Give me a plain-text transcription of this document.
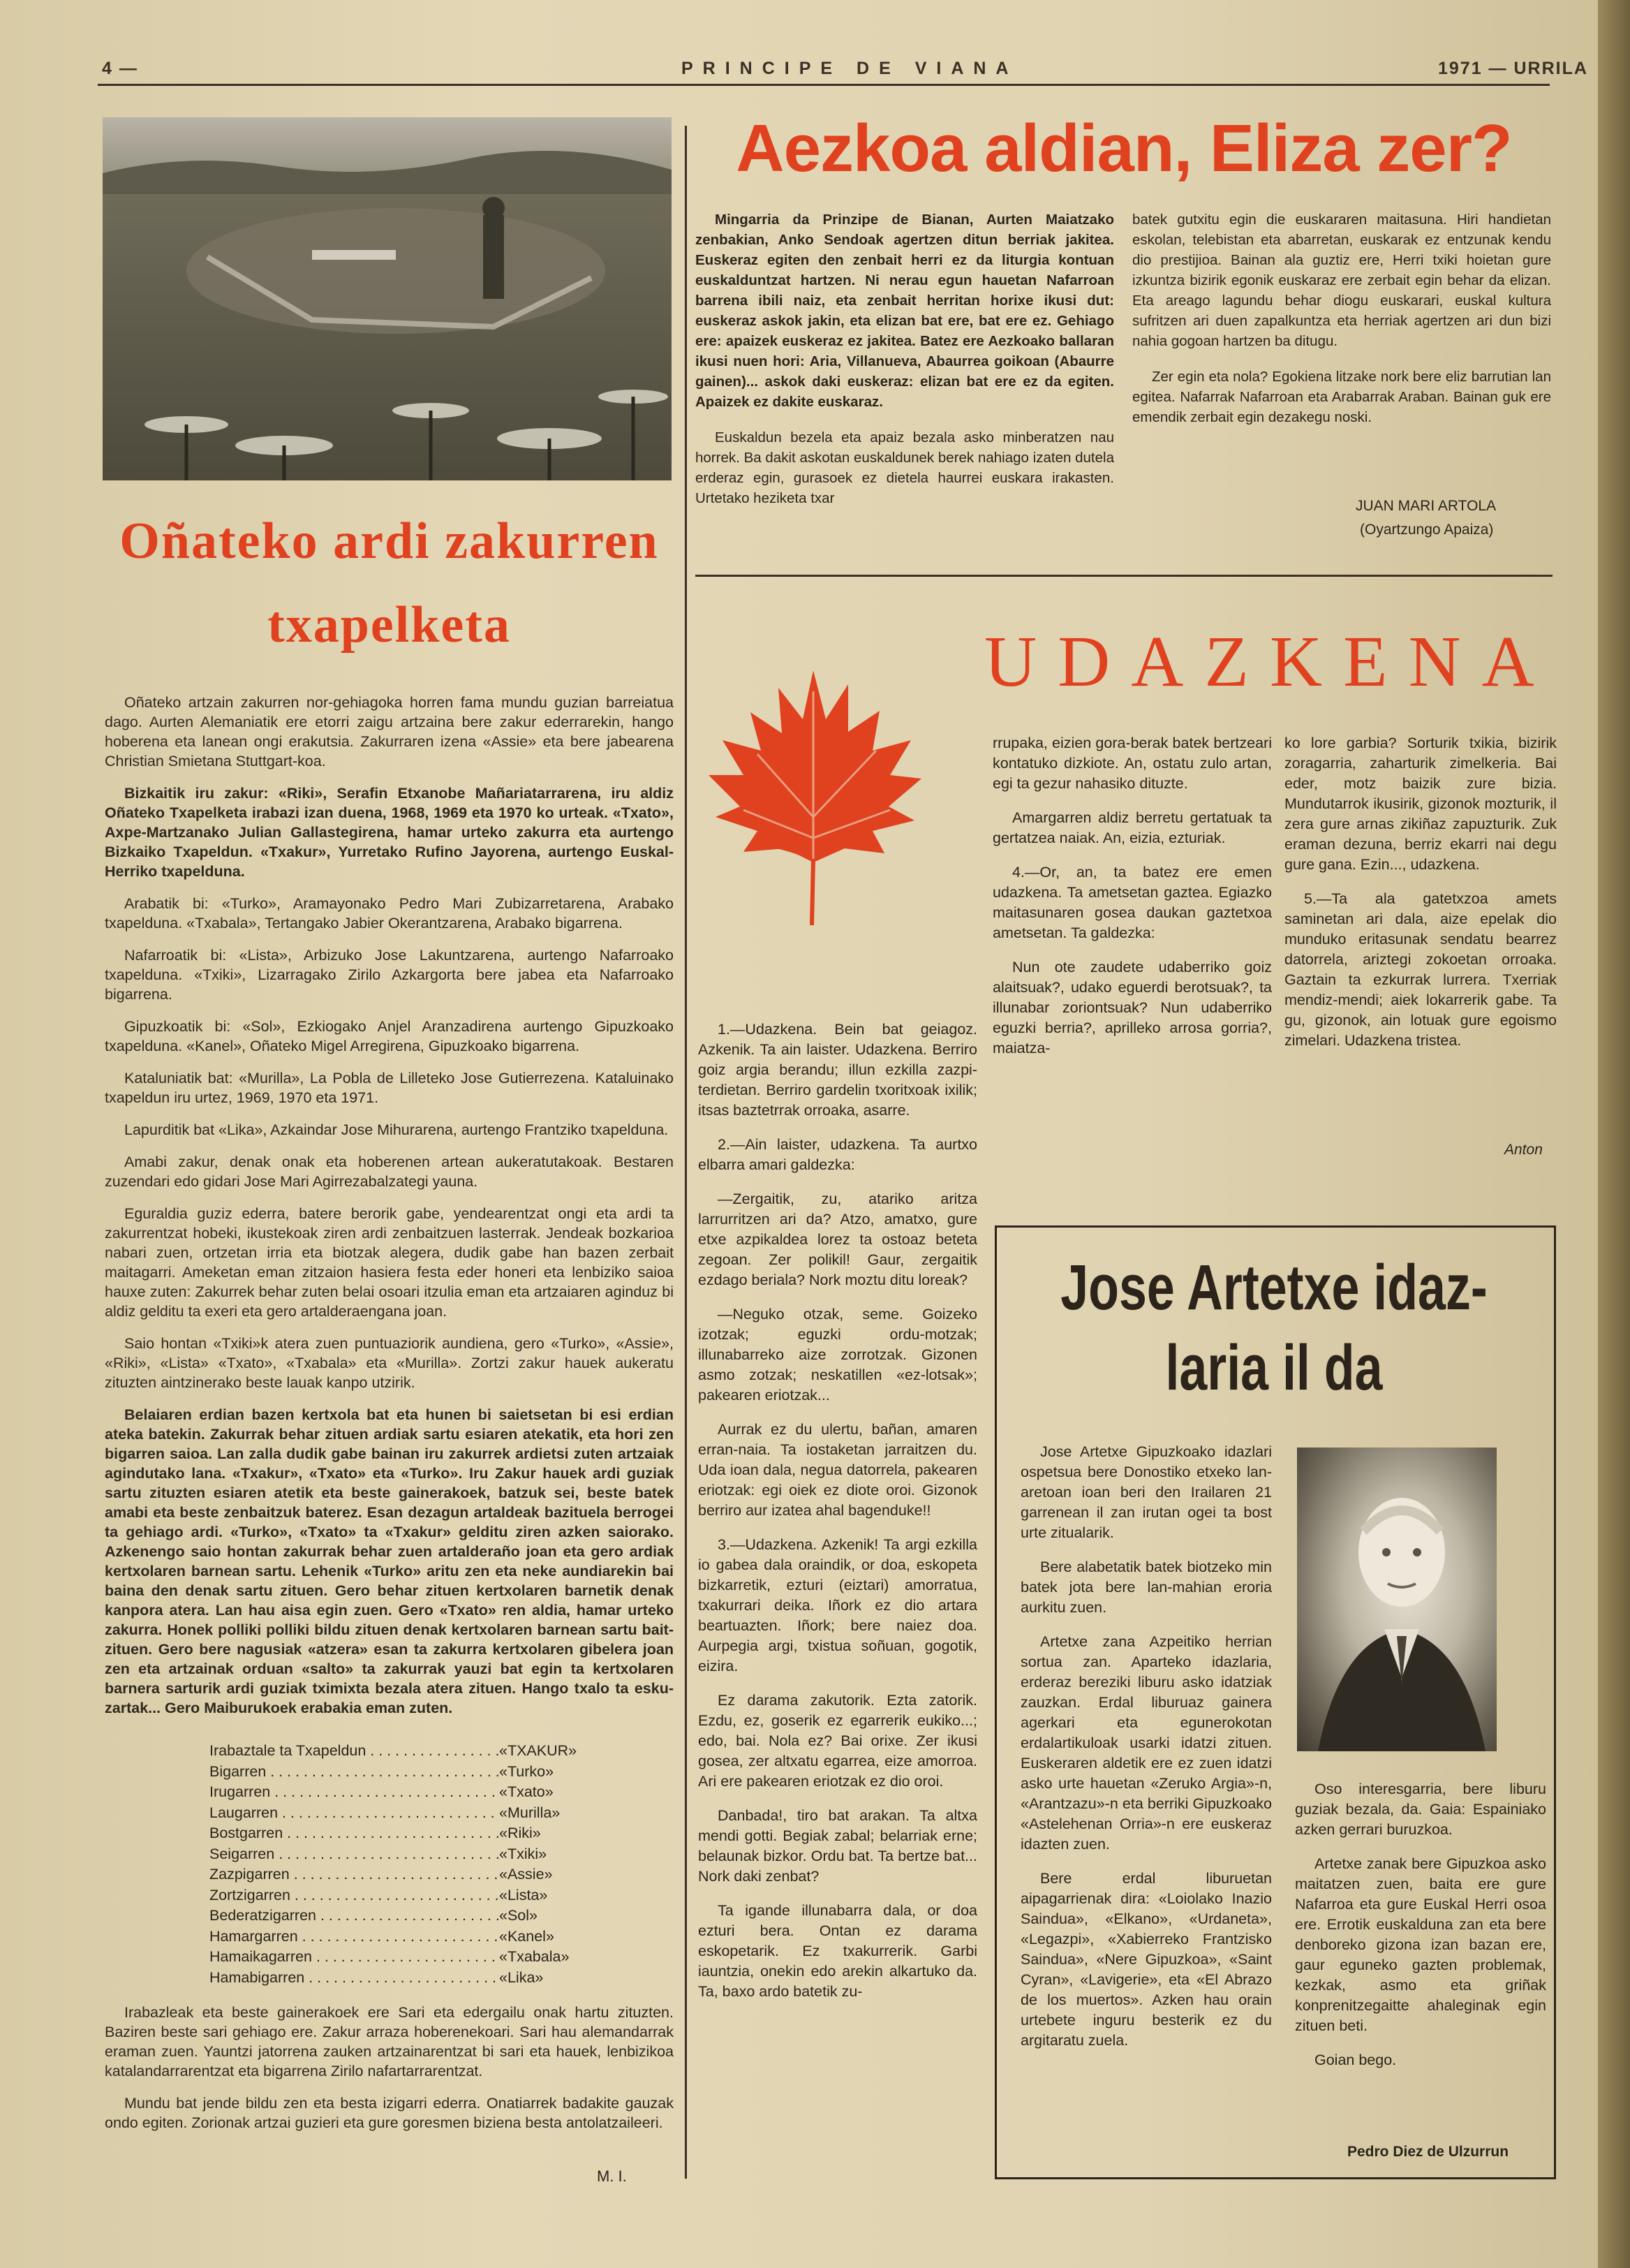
4 —	PRINCIPE DE VIANA	1971 — URRILA
Oñateko ardi zakurren
txapelketa

Oñateko artzain zakurren nor-gehiagoka horren fama mundu guzian barreiatua dago. Aurten Alemaniatik ere etorri zaigu artzaina bere zakur ederrarekin, hango hoberena eta lanean ongi erakutsia. Zakurraren izena «Assie» eta bere jabearena Christian Smietana Stuttgart-koa.

Bizkaitik iru zakur: «Riki», Serafin Etxanobe Mañariatarrarena, iru aldiz Oñateko Txapelketa irabazi izan duena, 1968, 1969 eta 1970 ko urteak. «Txato», Axpe-Martzanako Julian Gallastegirena, hamar urteko zakurra eta aurtengo Bizkaiko Txapeldun. «Txakur», Yurretako Rufino Jayorena, aurtengo Euskal-Herriko txapelduna.

Arabatik bi: «Turko», Aramayonako Pedro Mari Zubizarretarena, Arabako txapelduna. «Txabala», Tertangako Jabier Okerantzarena, Arabako bigarrena.

Nafarroatik bi: «Lista», Arbizuko Jose Lakuntzarena, aurtengo Nafarroako txapelduna. «Txiki», Lizarragako Zirilo Azkargorta bere jabea eta Nafarroako bigarrena.

Gipuzkoatik bi: «Sol», Ezkiogako Anjel Aranzadirena aurtengo Gipuzkoako txapelduna. «Kanel», Oñateko Migel Arregirena, Gipuzkoako bigarrena.

Kataluniatik bat: «Murilla», La Pobla de Lilleteko Jose Gutierrezena. Kataluinako txapeldun iru urtez, 1969, 1970 eta 1971.

Lapurditik bat «Lika», Azkaindar Jose Mihurarena, aurtengo Frantziko txapelduna.

Amabi zakur, denak onak eta hoberenen artean aukeratutakoak. Bestaren zuzendari edo gidari Jose Mari Agirrezabalzategi yauna.

Eguraldia guziz ederra, batere berorik gabe, yendearentzat ongi eta ardi ta zakurrentzat hobeki, ikustekoak ziren ardi zenbaitzuen lasterrak. Jendeak bozkarioa nabari zuen, ortzetan irria eta biotzak alegera, dudik gabe han bazen zerbait maitagarri. Ameketan eman zitzaion hasiera festa eder honeri eta lenbiziko saioa hauxe zuten: Zakurrek behar zuten belai osoari itzulia eman eta artzaiaren aginduz bi aldiz gelditu ta exeri eta gero artalderaengana joan.

Saio hontan «Txiki»k atera zuen puntuaziorik aundiena, gero «Turko», «Assie», «Riki», «Lista» «Txato», «Txabala» eta «Murilla». Zortzi zakur hauek aukeratu zituzten aintzinerako beste lauak kanpo utzirik.

Belaiaren erdian bazen kertxola bat eta hunen bi saietsetan bi esi erdian ateka batekin. Zakurrak behar zituen ardiak sartu esiaren atekatik, eta hori zen bigarren saioa. Lan zalla dudik gabe bainan iru zakurrek ardietsi zuten artzaiak agindutako lana. «Txakur», «Txato» eta «Turko». Iru Zakur hauek ardi guziak sartu zituzten esiaren atetik eta beste gainerakoek, batzuk sei, beste batek amabi eta beste zenbaitzuk baterez. Esan dezagun artaldeak bazituela berrogei ta gehiago ardi. «Turko», «Txato» ta «Txakur» gelditu ziren azken saiorako. Azkenengo saio hontan zakurrak behar zuen artalderaño joan eta gero ardiak kertxolaren barnean sartu. Lehenik «Turko» aritu zen eta neke aundiarekin bai baina den denak sartu zituen. Gero behar zituen kertxolaren barnetik denak kanpora atera. Lan hau aisa egin zuen. Gero «Txato» ren aldia, hamar urteko zakurra. Honek polliki polliki bildu zituen denak kertxolaren barnean sartu bait-zituen. Gero bere nagusiak «atzera» esan ta zakurra kertxolaren gibelera joan zen eta artzainak orduan «salto» ta zakurrak yauzi bat egin ta kertxolaren barnera sarturik ardi guziak tximixta bezala atera zituen. Hango txalo ta esku-zartak... Gero Maiburukoek erabakia eman zuten.

Irabaztale ta Txapeldun . . .	«TXAKUR»
Bigarren . . .	«Turko»
Irugarren . . .	«Txato»
Laugarren . . .	«Murilla»
Bostgarren . . .	«Riki»
Seigarren . . .	«Txiki»
Zazpigarren . . .	«Assie»
Zortzigarren . . .	«Lista»
Bederatzigarren . . .	«Sol»
Hamargarren . . .	«Kanel»
Hamaikagarren . . .	«Txabala»
Hamabigarren . . .	«Lika»

Irabazleak eta beste gainerakoek ere Sari eta edergailu onak hartu zituzten. Baziren beste sari gehiago ere. Zakur arraza hoberenekoari. Sari hau alemandarrak eraman zuen. Yauntzi jatorrena zauken artzainarentzat bi sari eta hauek, lenbizikoa katalandarrarentzat eta bigarrena Zirilo nafartarrarentzat.

Mundu bat jende bildu zen eta besta izigarri ederra. Onatiarrek badakite gauzak ondo egiten. Zorionak artzai guzieri eta gure goresmen biziena besta antolatzaileeri.

M. I.
Aezkoa aldian, Eliza zer?

Mingarria da Prinzipe de Bianan, Aurten Maiatzako zenbakian, Anko Sendoak agertzen ditun berriak jakitea. Euskeraz egiten den zenbait herri ez da liturgia kontuan euskalduntzat hartzen. Ni nerau egun hauetan Nafarroan barrena ibili naiz, eta zenbait herritan horixe ikusi dut: euskeraz askok jakin, eta elizan bat ere, bat ere ez. Gehiago ere: apaizek euskeraz ez jakitea. Batez ere Aezkoako ballaran ikusi nuen hori: Aria, Villanueva, Abaurrea goikoan (Abaurre gainen)... askok daki euskeraz: elizan bat ere ez da egiten. Apaizek ez dakite euskaraz.

Euskaldun bezela eta apaiz bezala asko minberatzen nau horrek. Ba dakit askotan euskaldunek berek nahiago izaten dutela erderaz egin, gurasoek ez dietela haurrei euskara irakasten. Urtetako heziketa txar

batek gutxitu egin die euskararen maitasuna. Hiri handietan eskolan, telebistan eta abarretan, euskarak ez entzunak kendu dio prestijioa. Bainan ala guztiz ere, Herri txiki hoietan gure izkuntza bizirik egonik euskaraz ere zerbait egin behar da elizan. Eta areago lagundu behar diogu euskarari, euskal kultura sufritzen ari duen zapalkuntza eta herriak agertzen ari dun bizi nahia gogoan hartzen ba ditugu.

Zer egin eta nola? Egokiena litzake nork bere eliz barrutian lan egitea. Nafarrak Nafarroan eta Arabarrak Araban. Bainan guk ere emendik zerbait egin dezakegu noski.

JUAN MARI ARTOLA
(Oyartzungo Apaiza)
UDAZKENA

1.—Udazkena. Bein bat geiagoz. Azkenik. Ta ain laister. Udazkena. Berriro goiz argia berandu; illun ezkilla zazpi-terdietan. Berriro gardelin txoritxoak ixilik; itsas baztetrrak orroaka, asarre.

2.—Ain laister, udazkena. Ta aurtxo elbarra amari galdezka:

—Zergaitik, zu, atariko aritza larrurritzen ari da? Atzo, amatxo, gure etxe azpikaldea lorez ta ostoaz beteta zegoan. Zer polikil! Gaur, zergaitik ezdago beriala? Nork moztu ditu loreak?

—Neguko otzak, seme. Goizeko izotzak; eguzki ordu-motzak; illunabarreko aize zorrotzak. Gizonen asmo zotzak; neskatillen «ez-lotsak»; pakearen eriotzak...

Aurrak ez du ulertu, bañan, amaren erran-naia. Ta iostaketan jarraitzen du. Uda ioan dala, negua datorrela, pakearen eriotzak: egi oiek ez diote oroi. Gizonok berriro aur izatea ahal bagenduke!!

3.—Udazkena. Azkenik! Ta argi ezkilla io gabea dala oraindik, or doa, eskopeta bizkarretik, ezturi (eiztari) amorratua, txakurrari deika. Iñork ez dio artara beartuazten. Iñork; bere naiez doa. Aurpegia argi, txistua soñuan, gogotik, eizira.

Ez darama zakutorik. Ezta zatorik. Ezdu, ez, goserik ez egarrerik eukiko...; edo, bai. Nola ez? Bai orixe. Zer ikusi gosea, zer altxatu egarrea, eize amorroa. Ari ere pakearen eriotzak ez dio oroi.

Danbada!, tiro bat arakan. Ta altxa mendi gotti. Begiak zabal; belarriak erne; belaunak bizkor. Ordu bat. Ta bertze bat... Nork daki zenbat?

Ta igande illunabarra dala, or doa ezturi bera. Ontan ez darama eskopetarik. Ez txakurrerik. Garbi iauntzia, onekin edo arekin alkartuko da. Ta, baxo ardo batetik zu-

rrupaka, eizien gora-berak batek bertzeari kontatuko dizkiote. An, ostatu zulo artan, egi ta gezur nahasiko dituzte.

Amargarren aldiz berretu gertatuak ta gertatzea naiak. An, eizia, ezturiak.

4.—Or, an, ta batez ere emen udazkena. Ta ametsetan gaztea. Egiazko maitasunaren gosea daukan gaztetxoa ametsetan. Ta galdezka:

Nun ote zaudete udaberriko goiz alaitsuak?, udako eguerdi berotsuak?, ta illunabar zoriontsuak? Nun udaberriko eguzki berria?, aprilleko arrosa gorria?, maiatza-

ko lore garbia? Sorturik txikia, bizirik zoragarria, zaharturik zimelkeria. Bai eder, motz baizik zure bizia. Mundutarrok ikusirik, gizonok mozturik, il zera gure arnas zikiñaz zapuzturik. Zuk eraman dezuna, berriz ekarri nai degu gure gana. Ezin..., udazkena.

5.—Ta ala gatetxzoa amets saminetan ari dala, aize epelak dio munduko eritasunak sendatu bearrez datorrela, ariztegi zokoetan orroaka. Gaztain ta ezkurrak lurrera. Txerriak mendiz-mendi; aiek lokarrerik gabe. Ta gu, gizonok, ain lotuak gure egoismo zimelari. Udazkena tristea.

Anton
Jose Artetxe idaz-
laria il da

Jose Artetxe Gipuzkoako idazlari ospetsua bere Donostiko etxeko lan-aretoan ioan beri den Irailaren 21 garrenean il zan irutan ogei ta bost urte zitualarik.

Bere alabetatik batek biotzeko min batek jota bere lan-mahian eroria aurkitu zuen.

Artetxe zana Azpeitiko herrian sortua zan. Aparteko idazlaria, erderaz bereziki liburu asko idatziak zauzkan. Erdal liburuaz gainera agerkari eta egunerokotan erdalartikuloak usarki idatzi zituen. Euskeraren aldetik ere ez zuen idatzi asko urte hauetan «Zeruko Argia»-n, «Arantzazu»-n eta berriki Gipuzkoako «Astelehenan Orria»-n ere euskeraz idazten zuen.

Bere erdal liburuetan aipagarrienak dira: «Loiolako Inazio Saindua», «Elkano», «Urdaneta», «Legazpi», «Xabierreko Frantzisko Saindua», «Nere Gipuzkoa», «Saint Cyran», «Lavigerie», eta «El Abrazo de los muertos». Azken hau orain urtebete inguru besterik ez du argitaratu zuela.

Oso interesgarria, bere liburu guziak bezala, da. Gaia: Espainiako azken gerrari buruzkoa.

Artetxe zanak bere Gipuzkoa asko maitatzen zuen, baita ere gure Nafarroa eta gure Euskal Herri osoa ere. Errotik euskalduna zan eta bere denboreko gizona izan bazan ere, gaur eguneko gazten problemak, kezkak, asmo eta griñak konprenitzegaitte ahaleginak egin zituen beti.

Goian bego.

Pedro Diez de Ulzurrun
